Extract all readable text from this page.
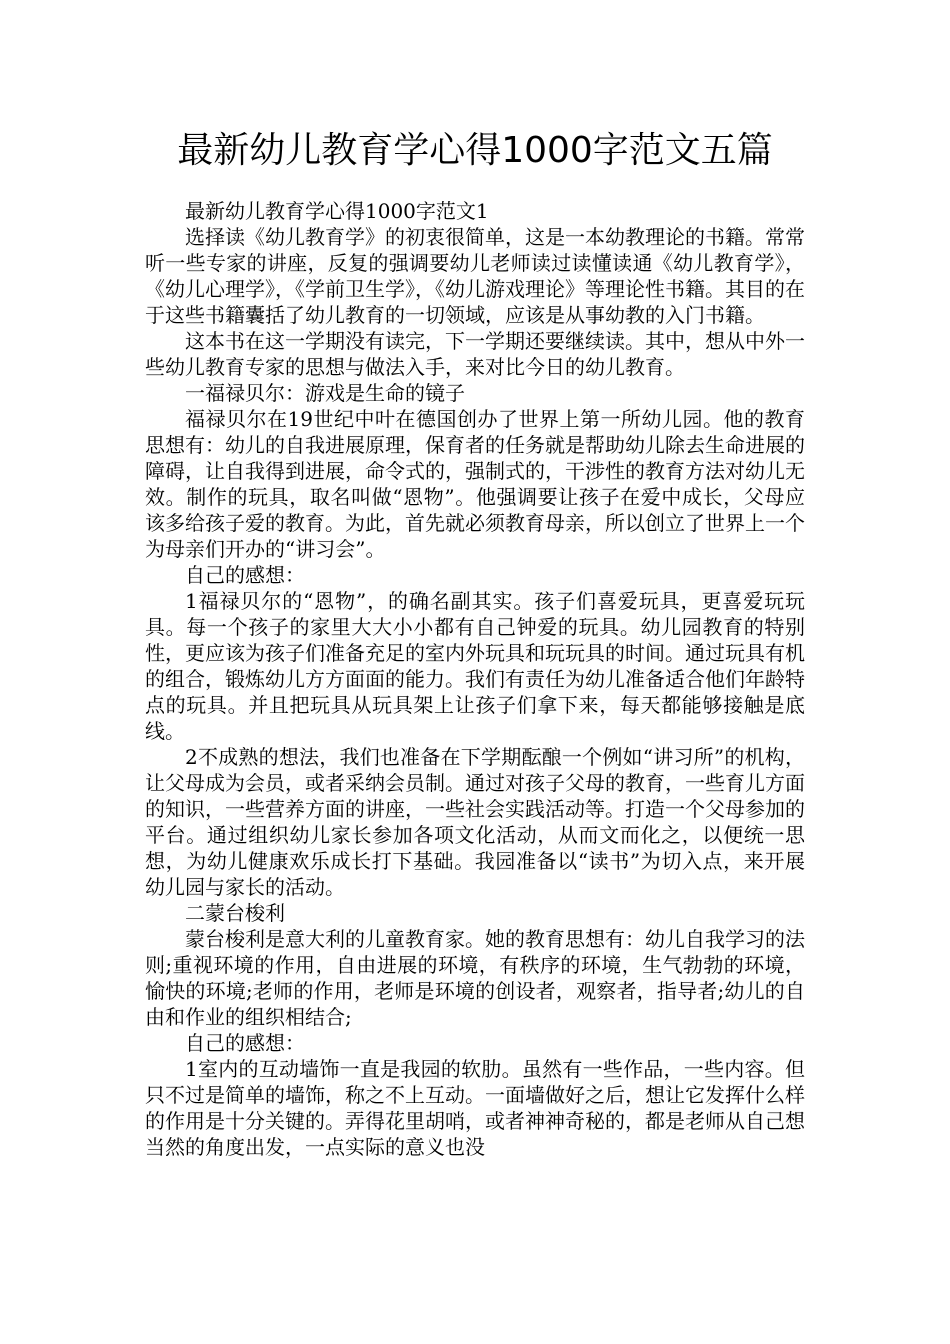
最新幼儿教育学心得1000字范文五篇

最新幼儿教育学心得1000字范文1

选择读《幼儿教育学》的初衷很简单，这是一本幼教理论的书籍。常常听一些专家的讲座，反复的强调要幼儿老师读过读懂读通《幼儿教育学》，《幼儿心理学》，《学前卫生学》，《幼儿游戏理论》等理论性书籍。其目的在于这些书籍囊括了幼儿教育的一切领域，应该是从事幼教的入门书籍。

这本书在这一学期没有读完，下一学期还要继续读。其中，想从中外一些幼儿教育专家的思想与做法入手，来对比今日的幼儿教育。

一福禄贝尔：游戏是生命的镜子

福禄贝尔在19世纪中叶在德国创办了世界上第一所幼儿园。他的教育思想有：幼儿的自我进展原理，保育者的任务就是帮助幼儿除去生命进展的障碍，让自我得到进展，命令式的，强制式的，干涉性的教育方法对幼儿无效。制作的玩具，取名叫做“恩物”。他强调要让孩子在爱中成长，父母应该多给孩子爱的教育。为此，首先就必须教育母亲，所以创立了世界上一个为母亲们开办的“讲习会”。

自己的感想：

1福禄贝尔的“恩物”，的确名副其实。孩子们喜爱玩具，更喜爱玩玩具。每一个孩子的家里大大小小都有自己钟爱的玩具。幼儿园教育的特别性，更应该为孩子们准备充足的室内外玩具和玩玩具的时间。通过玩具有机的组合，锻炼幼儿方方面面的能力。我们有责任为幼儿准备适合他们年龄特点的玩具。并且把玩具从玩具架上让孩子们拿下来，每天都能够接触是底线。

2不成熟的想法，我们也准备在下学期酝酿一个例如“讲习所”的机构，让父母成为会员，或者采纳会员制。通过对孩子父母的教育，一些育儿方面的知识，一些营养方面的讲座，一些社会实践活动等。打造一个父母参加的平台。通过组织幼儿家长参加各项文化活动，从而文而化之，以便统一思想，为幼儿健康欢乐成长打下基础。我园准备以“读书”为切入点，来开展幼儿园与家长的活动。

二蒙台梭利

蒙台梭利是意大利的儿童教育家。她的教育思想有：幼儿自我学习的法则;重视环境的作用，自由进展的环境，有秩序的环境，生气勃勃的环境，愉快的环境;老师的作用，老师是环境的创设者，观察者，指导者;幼儿的自由和作业的组织相结合;

自己的感想：

1室内的互动墙饰一直是我园的软肋。虽然有一些作品，一些内容。但只不过是简单的墙饰，称之不上互动。一面墙做好之后，想让它发挥什么样的作用是十分关键的。弄得花里胡哨，或者神神奇秘的，都是老师从自己想当然的角度出发，一点实际的意义也没
